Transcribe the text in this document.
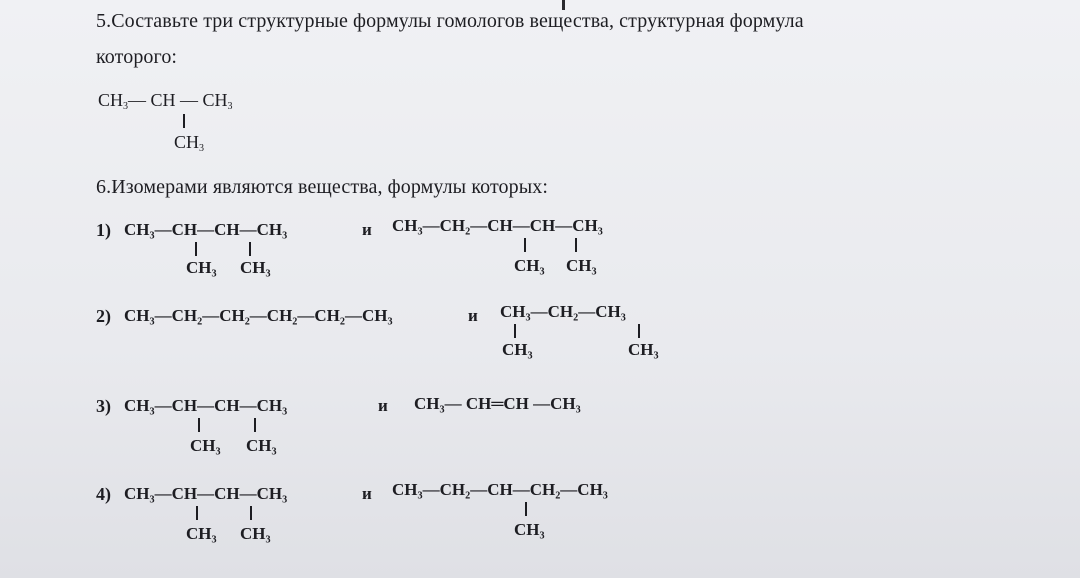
5.Составьте три структурные формулы гомологов вещества, структурная формула
которого:
$CH_3—$ CH — $CH_3$
$CH_3$
6.Изомерами являются вещества, формулы которых:
1) CH₃—CH—CH—CH₃
CH₃ CH₃
и CH₃—CH₂—CH—CH—CH₃
CH₃ CH₃
2) CH₃—CH₂—CH₂—CH₂—CH₂—CH₃	и CH₃—CH₂—CH₃
CH₃	CH₃
3) CH₃—CH—CH—CH₃
CH₃ CH₃
и CH₃— CH═CH —CH₃
4) CH₃—CH—CH—CH₃
CH₃ CH₃
и CH₃—CH₂—CH—CH₂—CH₃
CH₃
